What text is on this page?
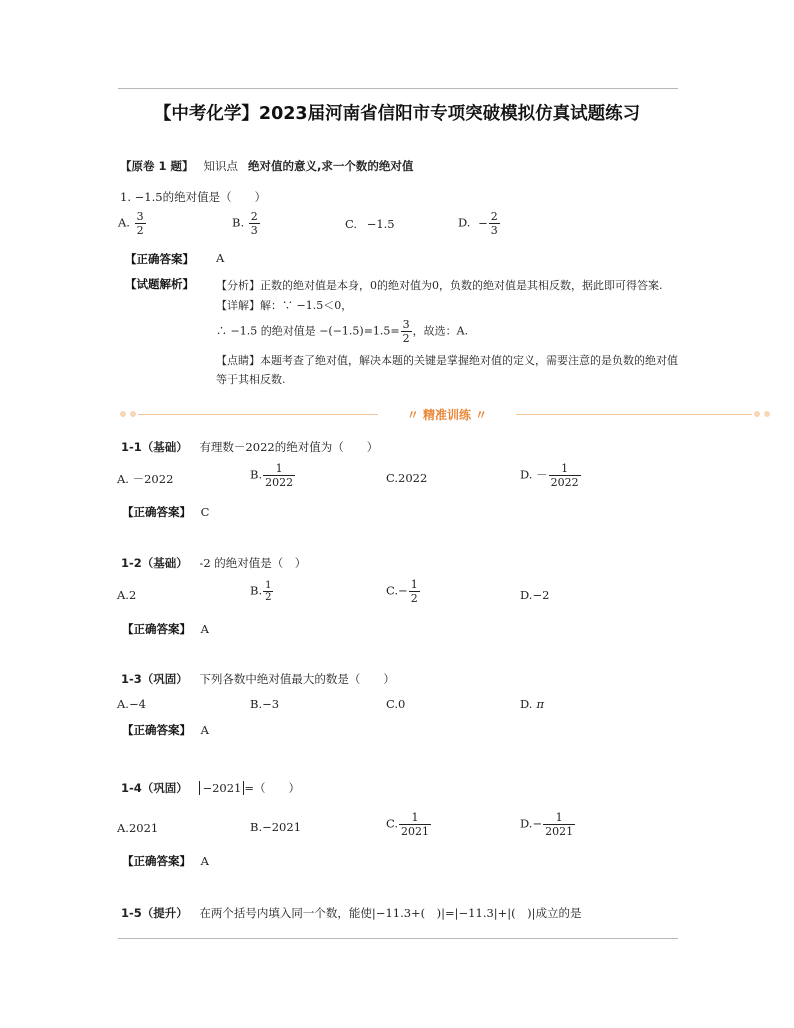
【中考化学】2023届河南省信阳市专项突破模拟仿真试题练习
【原卷 1 题】 知识点 绝对值的意义,求一个数的绝对值
1. −1.5的绝对值是（　　）
A. $\frac{3}{2}$	B. $\frac{2}{3}$	C. −1.5	D. − $\frac{2}{3}$
【正确答案】 A
【试题解析】 【分析】正数的绝对值是本身，0的绝对值为0，负数的绝对值是其相反数，据此即可得答案.
【详解】解：∵ −1.5＜0，
∴ −1.5 的绝对值是 $-(-1.5)=1.5= \frac{3}{2}$ ，故选：A.
【点睛】本题考查了绝对值，解决本题的关键是掌握绝对值的定义，需要注意的是负数的绝对值
等于其相反数.
〃 精准训练 〃
1-1（基础） 有理数－2022的绝对值为（　　）
A. －2022	B. $\frac{1}{2022}$	C.2022	D. － $\frac{1}{2022}$
【正确答案】 C
1-2（基础） -2 的绝对值是（　）
A.2	B. $\frac{1}{2}$	$C.- \frac{1}{2}$	D.−2
【正确答案】 A
1-3（巩固） 下列各数中绝对值最大的数是（　　）
A.−4	B.−3	C.0	D. π
【正确答案】 A
1-4（巩固） −2021 =（　　）
A.2021	B.−2021	C. $\frac{1}{2021}$	$D.- \frac{1}{2021}$
【正确答案】 A
1-5（提升） 在两个括号内填入同一个数，能使|−11.3+(　)|=|−11.3|+|(　)|成立的是
